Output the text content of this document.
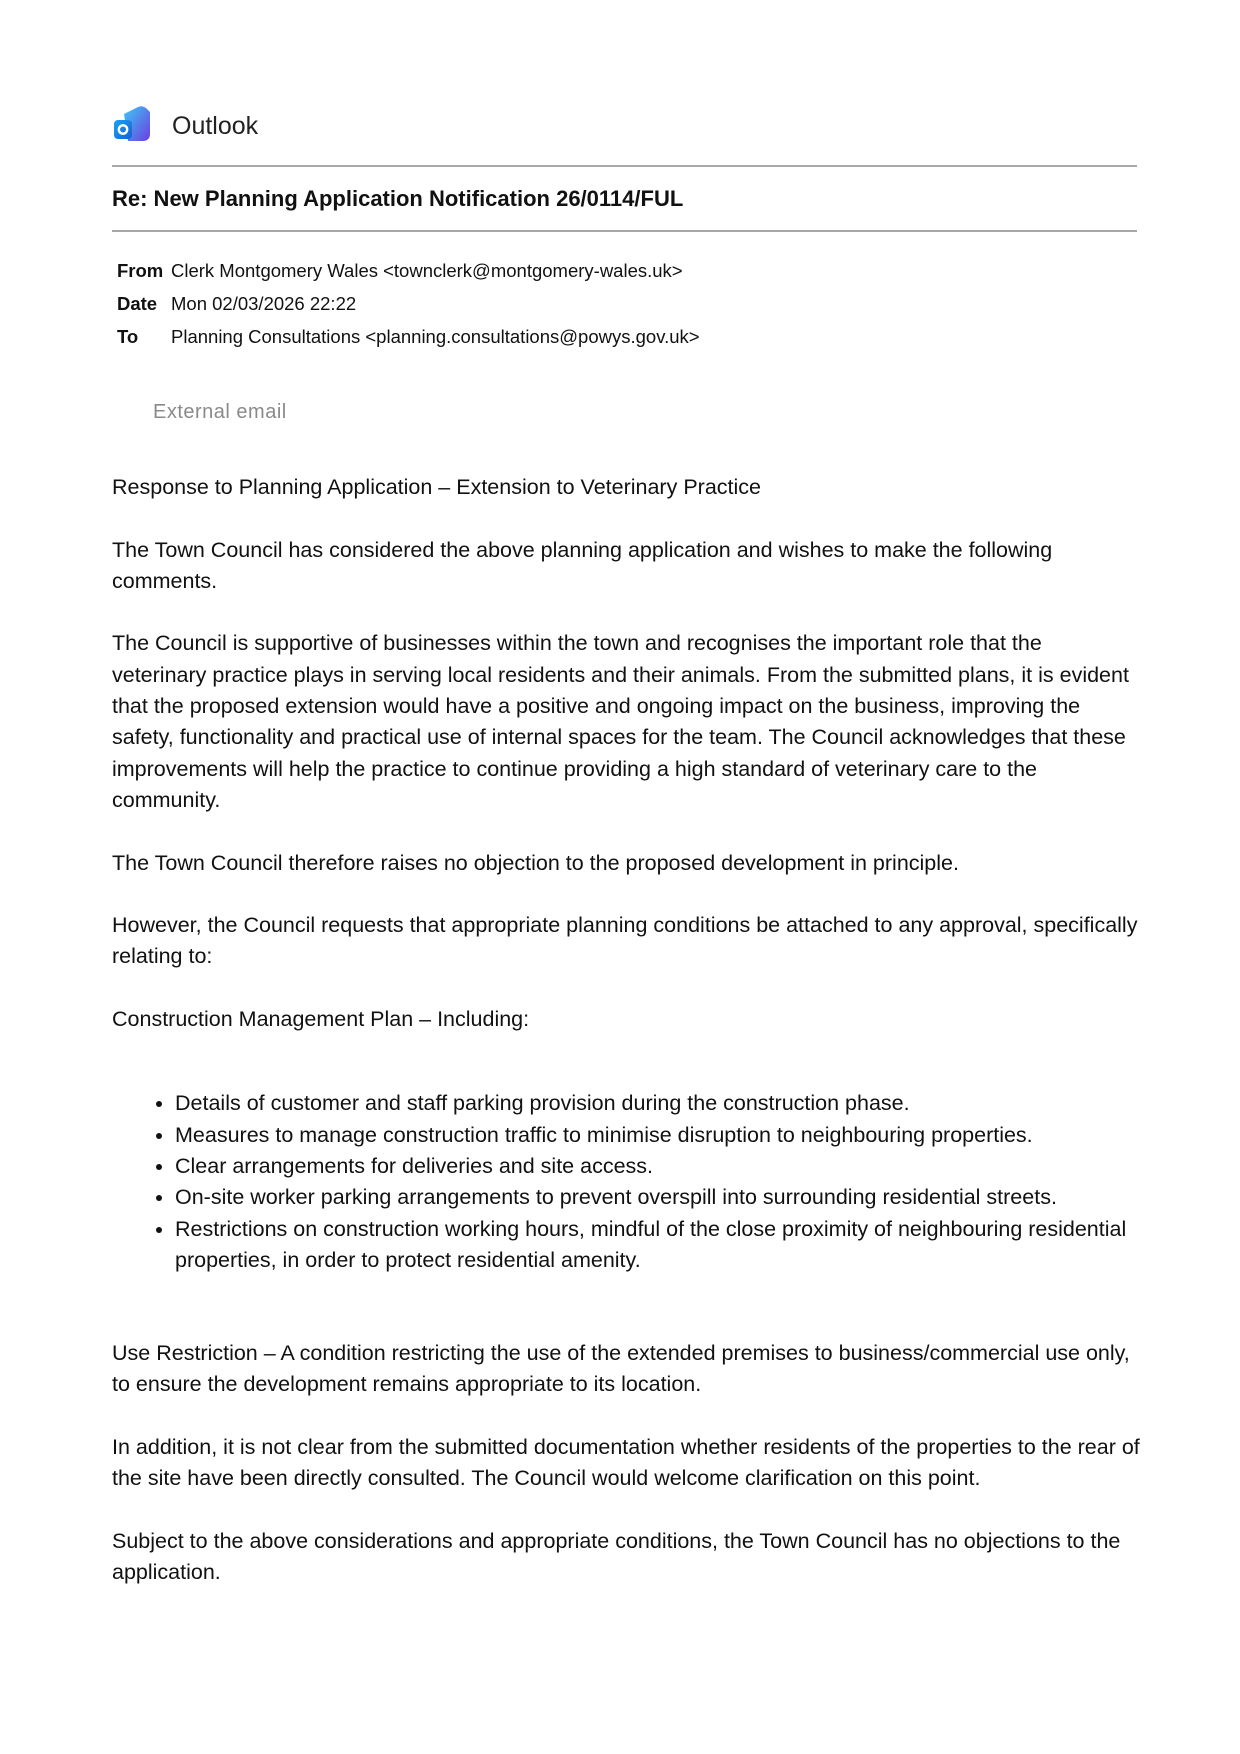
Outlook
Re: New Planning Application Notification 26/0114/FUL
From Clerk Montgomery Wales <townclerk@montgomery-wales.uk>
Date Mon 02/03/2026 22:22
To	Planning Consultations <planning.consultations@powys.gov.uk>
External email

Response to Planning Application – Extension to Veterinary Practice

The Town Council has considered the above planning application and wishes to make the following comments.

The Council is supportive of businesses within the town and recognises the important role that the veterinary practice plays in serving local residents and their animals. From the submitted plans, it is evident that the proposed extension would have a positive and ongoing impact on the business, improving the safety, functionality and practical use of internal spaces for the team. The Council acknowledges that these improvements will help the practice to continue providing a high standard of veterinary care to the community.

The Town Council therefore raises no objection to the proposed development in principle.

However, the Council requests that appropriate planning conditions be attached to any approval, specifically relating to:

Construction Management Plan – Including:

• Details of customer and staff parking provision during the construction phase.
• Measures to manage construction traffic to minimise disruption to neighbouring properties.
• Clear arrangements for deliveries and site access.
• On-site worker parking arrangements to prevent overspill into surrounding residential streets.
• Restrictions on construction working hours, mindful of the close proximity of neighbouring residential properties, in order to protect residential amenity.

Use Restriction – A condition restricting the use of the extended premises to business/commercial use only, to ensure the development remains appropriate to its location.

In addition, it is not clear from the submitted documentation whether residents of the properties to the rear of the site have been directly consulted. The Council would welcome clarification on this point.

Subject to the above considerations and appropriate conditions, the Town Council has no objections to the application.
